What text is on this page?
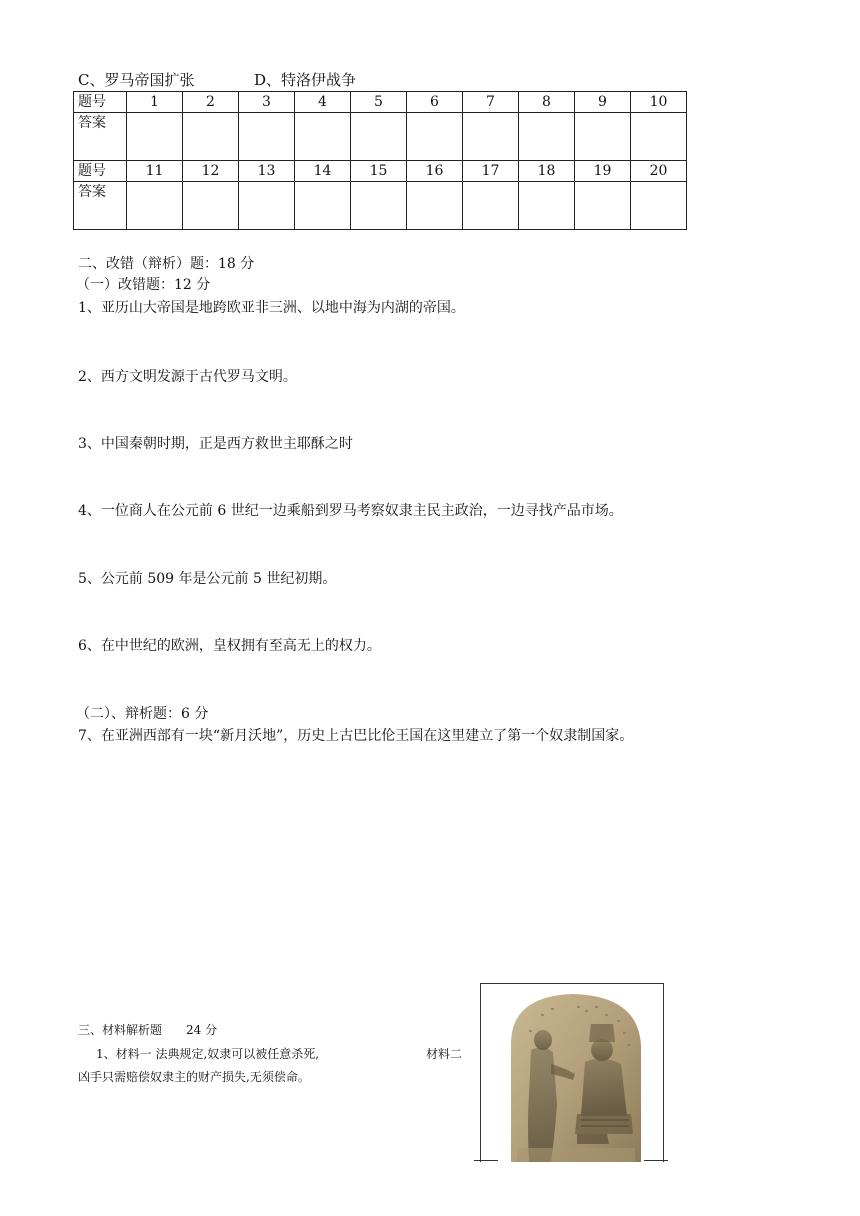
C、罗马帝国扩张	D、特洛伊战争
题号	1	2	3	4	5	6	7	8	9	10
答案										
题号	11	12	13	14	15	16	17	18	19	20
答案										
二、改错（辩析）题：18 分
（一）改错题：12 分
1、亚历山大帝国是地跨欧亚非三洲、以地中海为内湖的帝国。
2、西方文明发源于古代罗马文明。
3、中国秦朝时期，正是西方救世主耶酥之时
4、一位商人在公元前 6 世纪一边乘船到罗马考察奴隶主民主政治，一边寻找产品市场。
5、公元前 509 年是公元前 5 世纪初期。
6、在中世纪的欧洲，皇权拥有至高无上的权力。
（二）、辩析题：6 分
7、在亚洲西部有一块“新月沃地”，历史上古巴比伦王国在这里建立了第一个奴隶制国家。
三、材料解析题　　24 分
1、材料一 法典规定,奴隶可以被任意杀死,	材料二
凶手只需赔偿奴隶主的财产损失,无须偿命。
